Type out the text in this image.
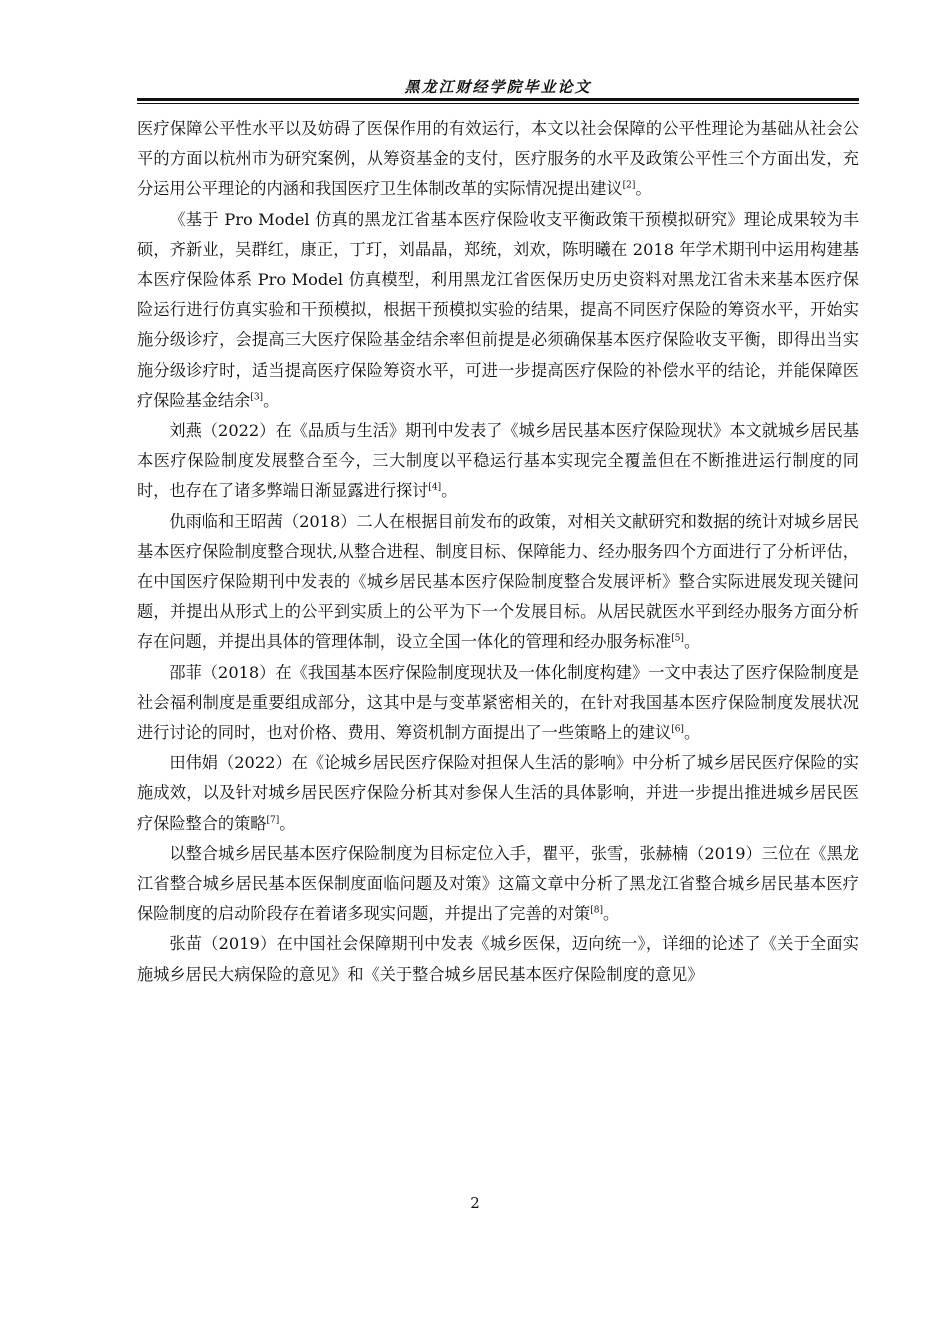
黑龙江财经学院毕业论文

医疗保障公平性水平以及妨碍了医保作用的有效运行，本文以社会保障的公平性理论为基础从社会公平的方面以杭州市为研究案例，从筹资基金的支付，医疗服务的水平及政策公平性三个方面出发，充分运用公平理论的内涵和我国医疗卫生体制改革的实际情况提出建议[2]。

《基于 Pro Model 仿真的黑龙江省基本医疗保险收支平衡政策干预模拟研究》理论成果较为丰硕，齐新业，吴群红，康正，丁玎，刘晶晶，郑统，刘欢，陈明曦在 2018 年学术期刊中运用构建基本医疗保险体系 Pro Model 仿真模型，利用黑龙江省医保历史历史资料对黑龙江省未来基本医疗保险运行进行仿真实验和干预模拟，根据干预模拟实验的结果，提高不同医疗保险的筹资水平，开始实施分级诊疗，会提高三大医疗保险基金结余率但前提是必须确保基本医疗保险收支平衡，即得出当实施分级诊疗时，适当提高医疗保险筹资水平，可进一步提高医疗保险的补偿水平的结论，并能保障医疗保险基金结余[3]。

刘燕（2022）在《品质与生活》期刊中发表了《城乡居民基本医疗保险现状》本文就城乡居民基本医疗保险制度发展整合至今，三大制度以平稳运行基本实现完全覆盖但在不断推进运行制度的同时，也存在了诸多弊端日渐显露进行探讨[4]。

仇雨临和王昭茜（2018）二人在根据目前发布的政策，对相关文献研究和数据的统计对城乡居民基本医疗保险制度整合现状,从整合进程、制度目标、保障能力、经办服务四个方面进行了分析评估，在中国医疗保险期刊中发表的《城乡居民基本医疗保险制度整合发展评析》整合实际进展发现关键问题，并提出从形式上的公平到实质上的公平为下一个发展目标。从居民就医水平到经办服务方面分析存在问题，并提出具体的管理体制，设立全国一体化的管理和经办服务标准[5]。

邵菲（2018）在《我国基本医疗保险制度现状及一体化制度构建》一文中表达了医疗保险制度是社会福利制度是重要组成部分，这其中是与变革紧密相关的，在针对我国基本医疗保险制度发展状况进行讨论的同时，也对价格、费用、筹资机制方面提出了一些策略上的建议[6]。

田伟娟（2022）在《论城乡居民医疗保险对担保人生活的影响》中分析了城乡居民医疗保险的实施成效，以及针对城乡居民医疗保险分析其对参保人生活的具体影响，并进一步提出推进城乡居民医疗保险整合的策略[7]。

以整合城乡居民基本医疗保险制度为目标定位入手，瞿平，张雪，张赫楠（2019）三位在《黑龙江省整合城乡居民基本医保制度面临问题及对策》这篇文章中分析了黑龙江省整合城乡居民基本医疗保险制度的启动阶段存在着诸多现实问题，并提出了完善的对策[8]。

张苗（2019）在中国社会保障期刊中发表《城乡医保，迈向统一》，详细的论述了《关于全面实施城乡居民大病保险的意见》和《关于整合城乡居民基本医疗保险制度的意见》

2
